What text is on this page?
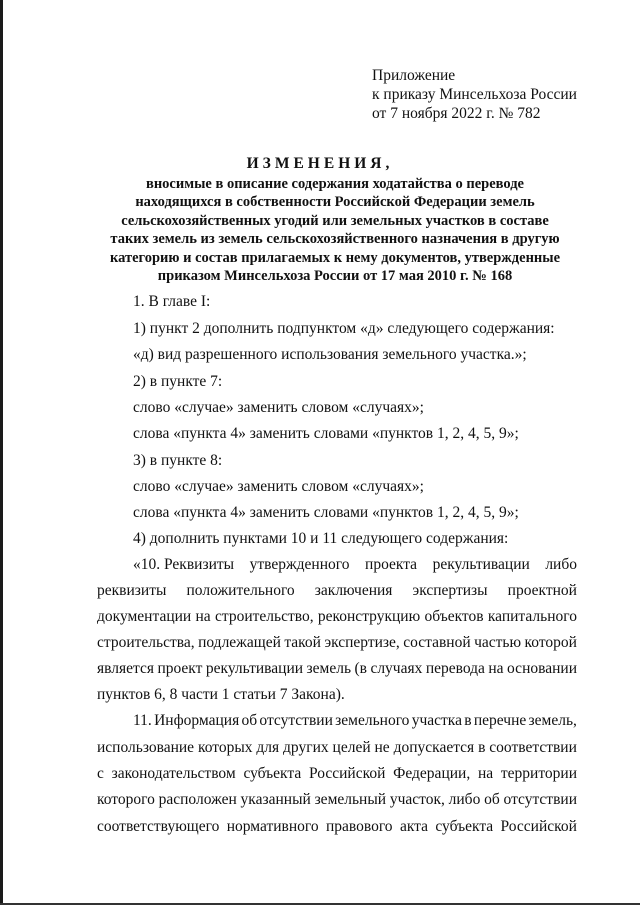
Приложение
к приказу Минсельхоза России
от 7 ноября 2022 г. № 782
ИЗМЕНЕНИЯ,
вносимые в описание содержания ходатайства о переводе
находящихся в собственности Российской Федерации земель
сельскохозяйственных угодий или земельных участков в составе
таких земель из земель сельскохозяйственного назначения в другую
категорию и состав прилагаемых к нему документов, утвержденные
приказом Минсельхоза России от 17 мая 2010 г. № 168
1. В главе I:
1) пункт 2 дополнить подпунктом «д» следующего содержания:
«д) вид разрешенного использования земельного участка.»;
2) в пункте 7:
слово «случае» заменить словом «случаях»;
слова «пункта 4» заменить словами «пунктов 1, 2, 4, 5, 9»;
3) в пункте 8:
слово «случае» заменить словом «случаях»;
слова «пункта 4» заменить словами «пунктов 1, 2, 4, 5, 9»;
4) дополнить пунктами 10 и 11 следующего содержания:
«10. Реквизиты утвержденного проекта рекультивации либо
реквизиты положительного заключения экспертизы проектной
документации на строительство, реконструкцию объектов капитального
строительства, подлежащей такой экспертизе, составной частью которой
является проект рекультивации земель (в случаях перевода на основании
пунктов 6, 8 части 1 статьи 7 Закона).
11. Информация об отсутствии земельного участка в перечне земель,
использование которых для других целей не допускается в соответствии
с законодательством субъекта Российской Федерации, на территории
которого расположен указанный земельный участок, либо об отсутствии
соответствующего нормативного правового акта субъекта Российской
